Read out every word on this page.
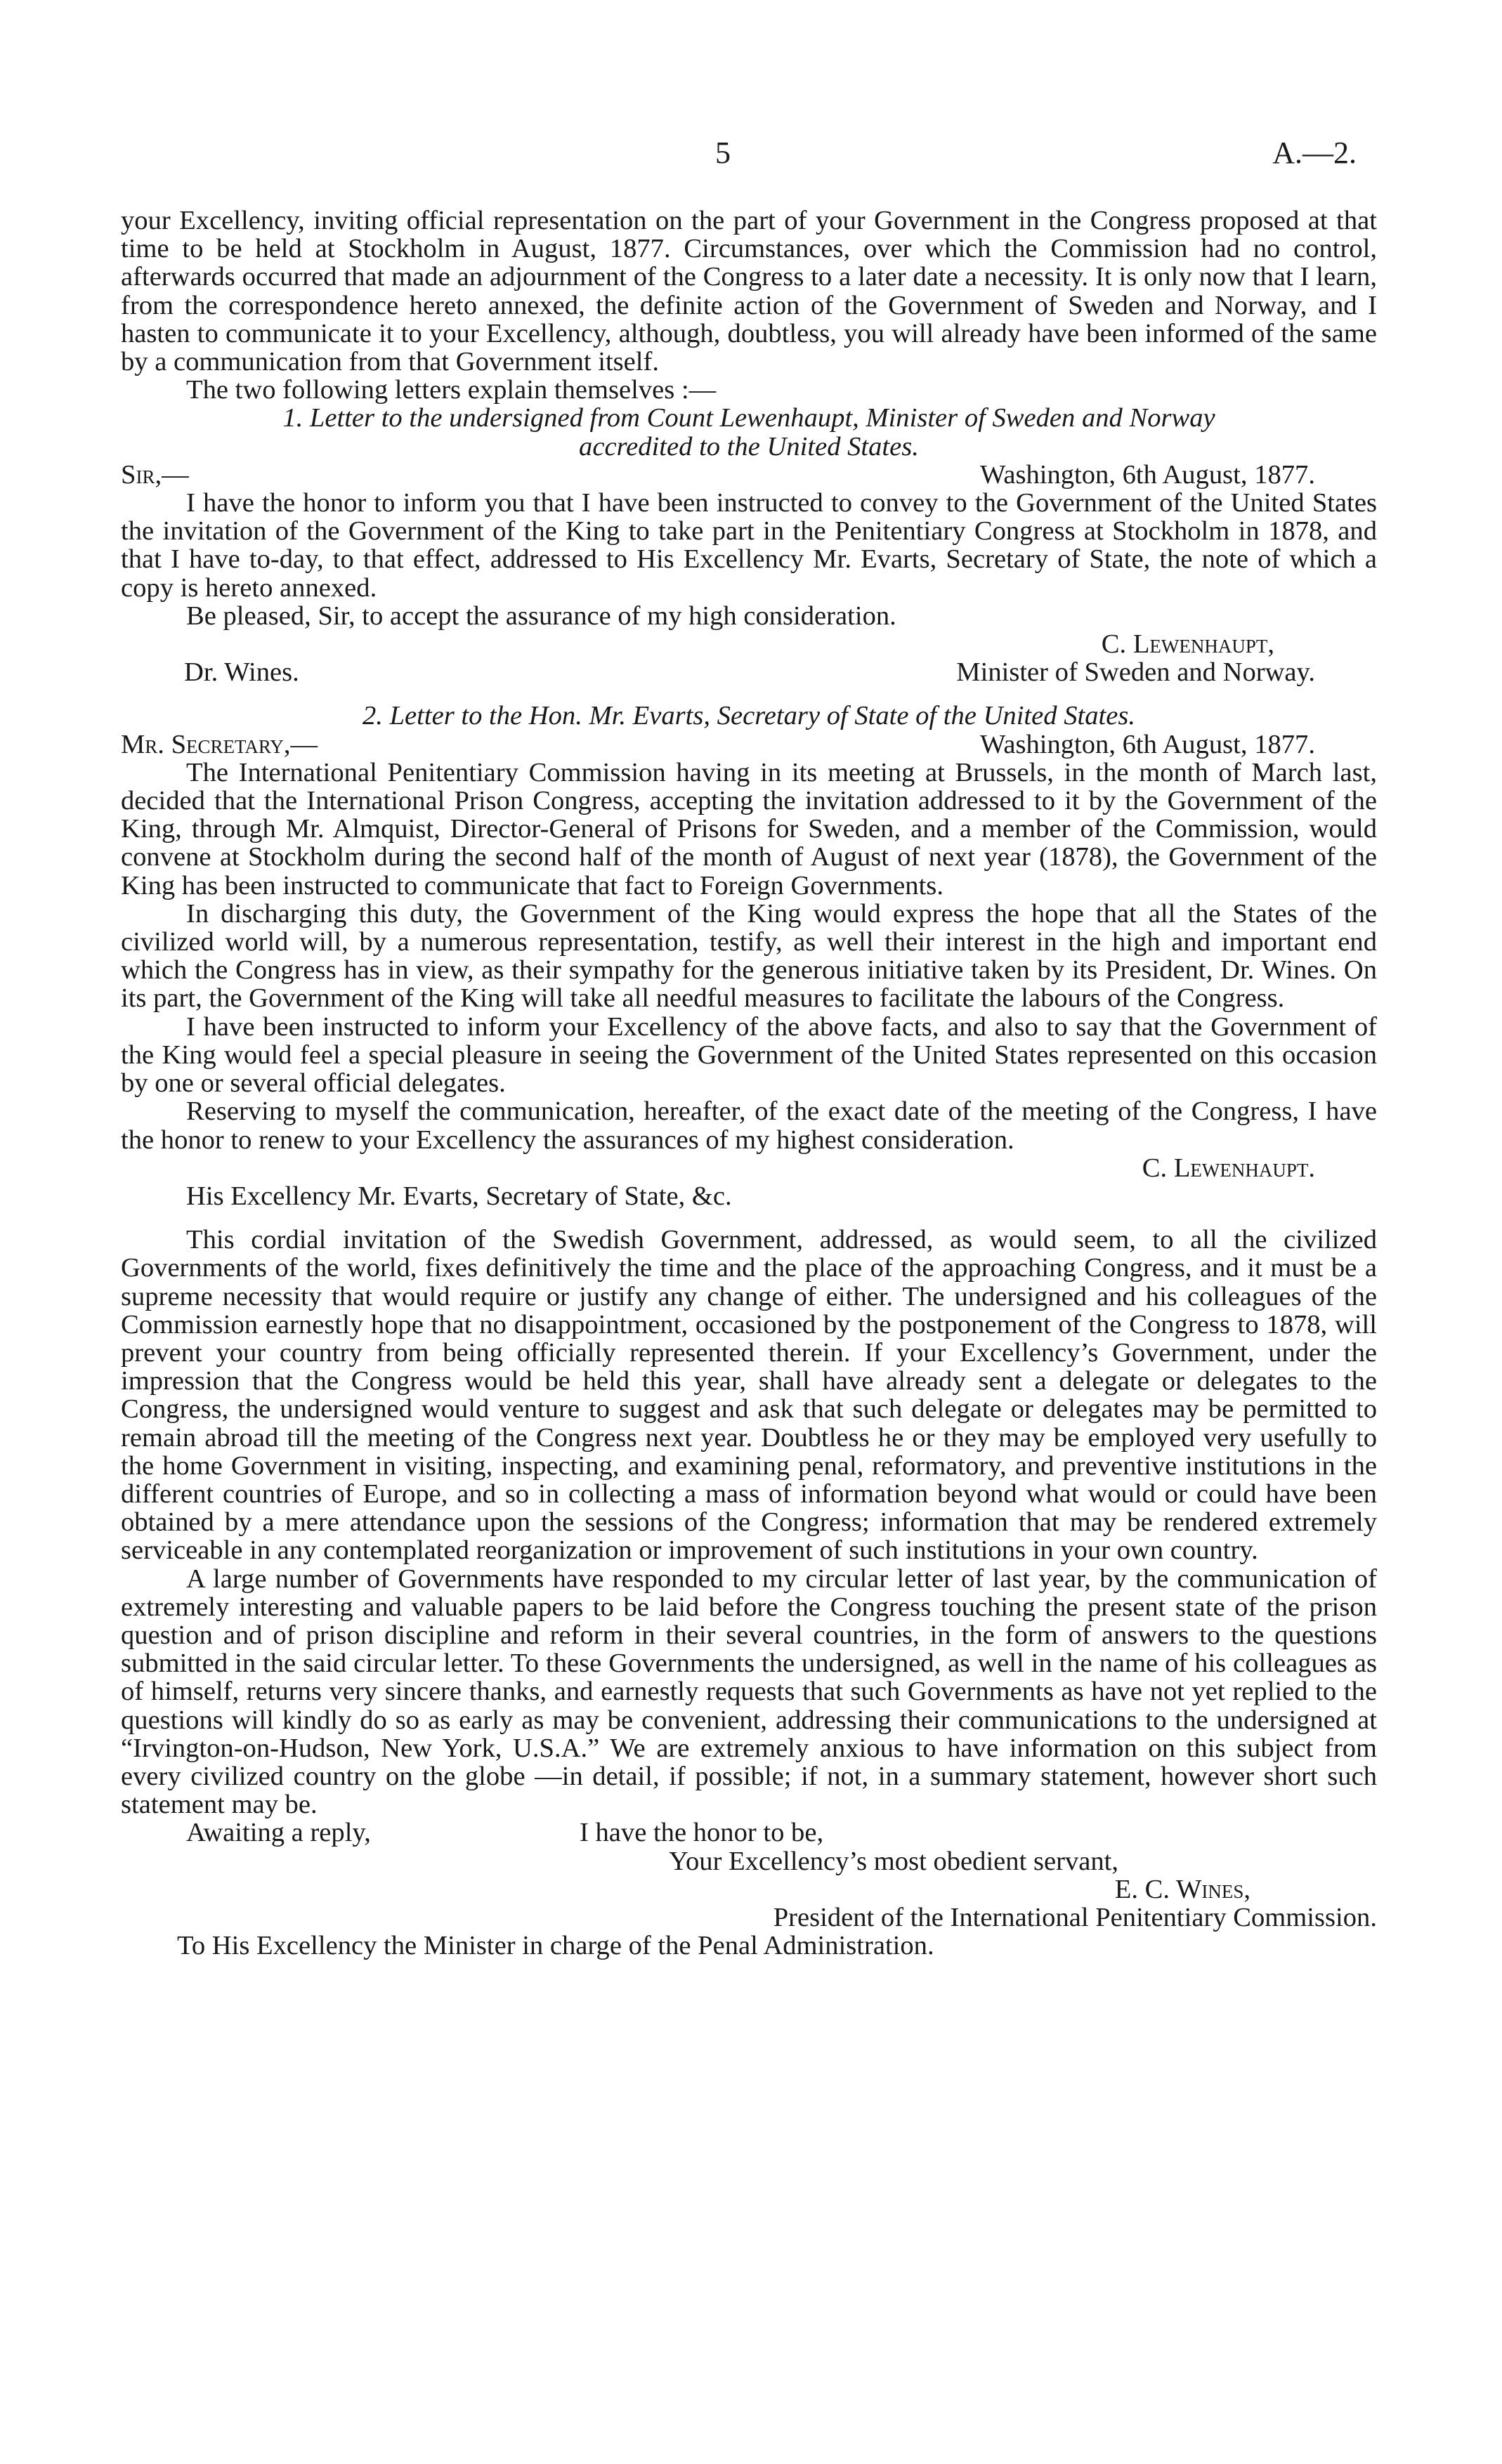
5	A.—2.

your Excellency, inviting official representation on the part of your Government in the Congress proposed at that time to be held at Stockholm in August, 1877. Circumstances, over which the Commission had no control, afterwards occurred that made an adjournment of the Congress to a later date a necessity. It is only now that I learn, from the correspondence hereto annexed, the definite action of the Government of Sweden and Norway, and I hasten to communicate it to your Excellency, although, doubtless, you will already have been informed of the same by a communication from that Government itself.

The two following letters explain themselves :—

1. Letter to the undersigned from Count Lewenhaupt, Minister of Sweden and Norway

accredited to the United States.

Sir,—	Washington, 6th August, 1877.

I have the honor to inform you that I have been instructed to convey to the Government of the United States the invitation of the Government of the King to take part in the Penitentiary Congress at Stockholm in 1878, and that I have to-day, to that effect, addressed to His Excellency Mr. Evarts, Secretary of State, the note of which a copy is hereto annexed.

Be pleased, Sir, to accept the assurance of my high consideration.

C. Lewenhaupt,

Dr. Wines.	Minister of Sweden and Norway.

2. Letter to the Hon. Mr. Evarts, Secretary of State of the United States.

Mr. Secretary,—	Washington, 6th August, 1877.

The International Penitentiary Commission having in its meeting at Brussels, in the month of March last, decided that the International Prison Congress, accepting the invitation addressed to it by the Government of the King, through Mr. Almquist, Director-General of Prisons for Sweden, and a member of the Commission, would convene at Stockholm during the second half of the month of August of next year (1878), the Government of the King has been instructed to communicate that fact to Foreign Governments.

In discharging this duty, the Government of the King would express the hope that all the States of the civilized world will, by a numerous representation, testify, as well their interest in the high and important end which the Congress has in view, as their sympathy for the generous initiative taken by its President, Dr. Wines. On its part, the Government of the King will take all needful measures to facilitate the labours of the Congress.

I have been instructed to inform your Excellency of the above facts, and also to say that the Government of the King would feel a special pleasure in seeing the Government of the United States represented on this occasion by one or several official delegates.

Reserving to myself the communication, hereafter, of the exact date of the meeting of the Congress, I have the honor to renew to your Excellency the assurances of my highest consideration.

C. Lewenhaupt.

His Excellency Mr. Evarts, Secretary of State, &c.

This cordial invitation of the Swedish Government, addressed, as would seem, to all the civilized Governments of the world, fixes definitively the time and the place of the approaching Congress, and it must be a supreme necessity that would require or justify any change of either. The undersigned and his colleagues of the Commission earnestly hope that no disappointment, occasioned by the postponement of the Congress to 1878, will prevent your country from being officially represented therein. If your Excellency’s Government, under the impression that the Congress would be held this year, shall have already sent a delegate or delegates to the Congress, the undersigned would venture to suggest and ask that such delegate or delegates may be permitted to remain abroad till the meeting of the Congress next year. Doubtless he or they may be employed very usefully to the home Government in visiting, inspecting, and examining penal, reformatory, and preventive institutions in the different countries of Europe, and so in collecting a mass of information beyond what would or could have been obtained by a mere attendance upon the sessions of the Congress; information that may be rendered extremely serviceable in any contemplated reorganization or improvement of such institutions in your own country.

A large number of Governments have responded to my circular letter of last year, by the communication of extremely interesting and valuable papers to be laid before the Congress touching the present state of the prison question and of prison discipline and reform in their several countries, in the form of answers to the questions submitted in the said circular letter. To these Governments the undersigned, as well in the name of his colleagues as of himself, returns very sincere thanks, and earnestly requests that such Governments as have not yet replied to the questions will kindly do so as early as may be convenient, addressing their communications to the undersigned at “Irvington-on-Hudson, New York, U.S.A.” We are extremely anxious to have information on this subject from every civilized country on the globe —in detail, if possible; if not, in a summary statement, however short such statement may be.

Awaiting a reply,	I have the honor to be,

Your Excellency’s most obedient servant,

E. C. Wines,

President of the International Penitentiary Commission.

To His Excellency the Minister in charge of the Penal Administration.
